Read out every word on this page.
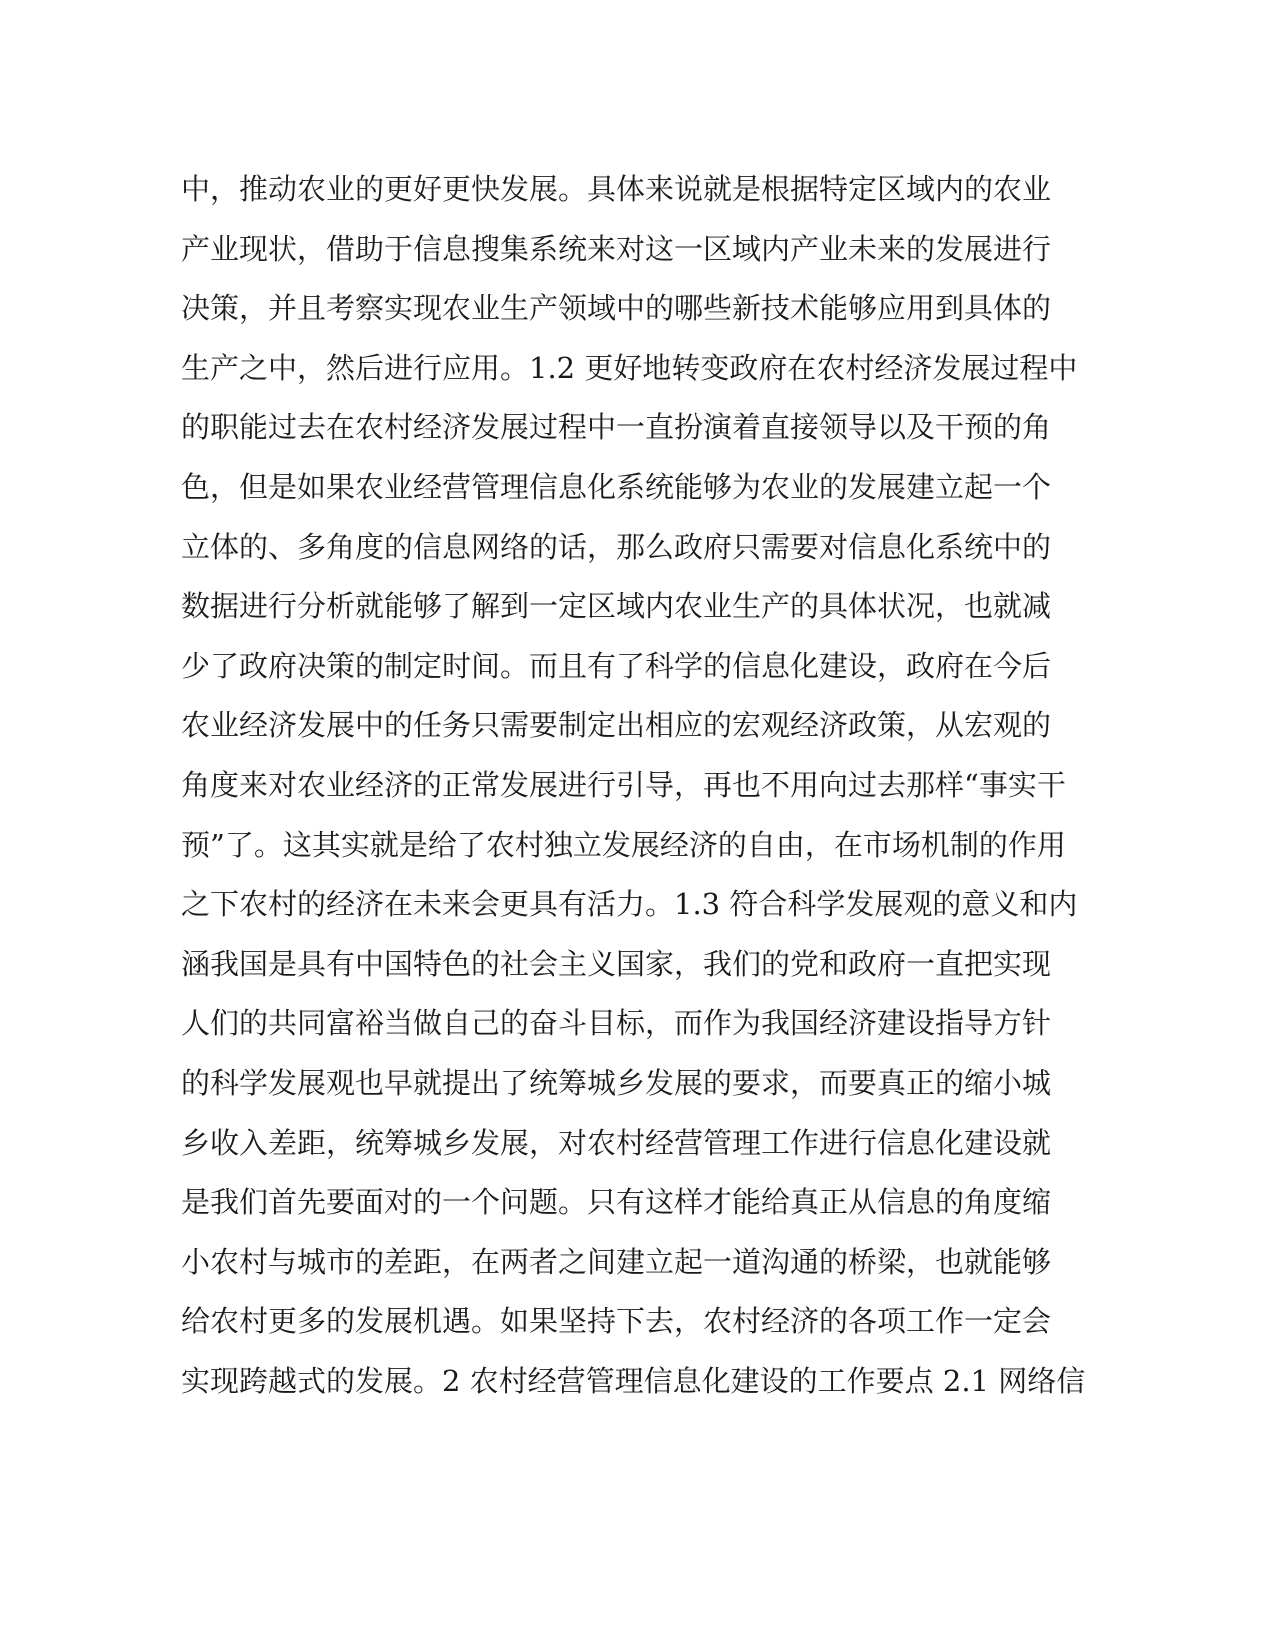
中，推动农业的更好更快发展。具体来说就是根据特定区域内的农业
产业现状，借助于信息搜集系统来对这一区域内产业未来的发展进行
决策，并且考察实现农业生产领域中的哪些新技术能够应用到具体的
生产之中，然后进行应用。1.2 更好地转变政府在农村经济发展过程中
的职能过去在农村经济发展过程中一直扮演着直接领导以及干预的角
色，但是如果农业经营管理信息化系统能够为农业的发展建立起一个
立体的、多角度的信息网络的话，那么政府只需要对信息化系统中的
数据进行分析就能够了解到一定区域内农业生产的具体状况，也就减
少了政府决策的制定时间。而且有了科学的信息化建设，政府在今后
农业经济发展中的任务只需要制定出相应的宏观经济政策，从宏观的
角度来对农业经济的正常发展进行引导，再也不用向过去那样“事实干
预”了。这其实就是给了农村独立发展经济的自由，在市场机制的作用
之下农村的经济在未来会更具有活力。1.3 符合科学发展观的意义和内
涵我国是具有中国特色的社会主义国家，我们的党和政府一直把实现
人们的共同富裕当做自己的奋斗目标，而作为我国经济建设指导方针
的科学发展观也早就提出了统筹城乡发展的要求，而要真正的缩小城
乡收入差距，统筹城乡发展，对农村经营管理工作进行信息化建设就
是我们首先要面对的一个问题。只有这样才能给真正从信息的角度缩
小农村与城市的差距，在两者之间建立起一道沟通的桥梁，也就能够
给农村更多的发展机遇。如果坚持下去，农村经济的各项工作一定会
实现跨越式的发展。2 农村经营管理信息化建设的工作要点 2.1 网络信
